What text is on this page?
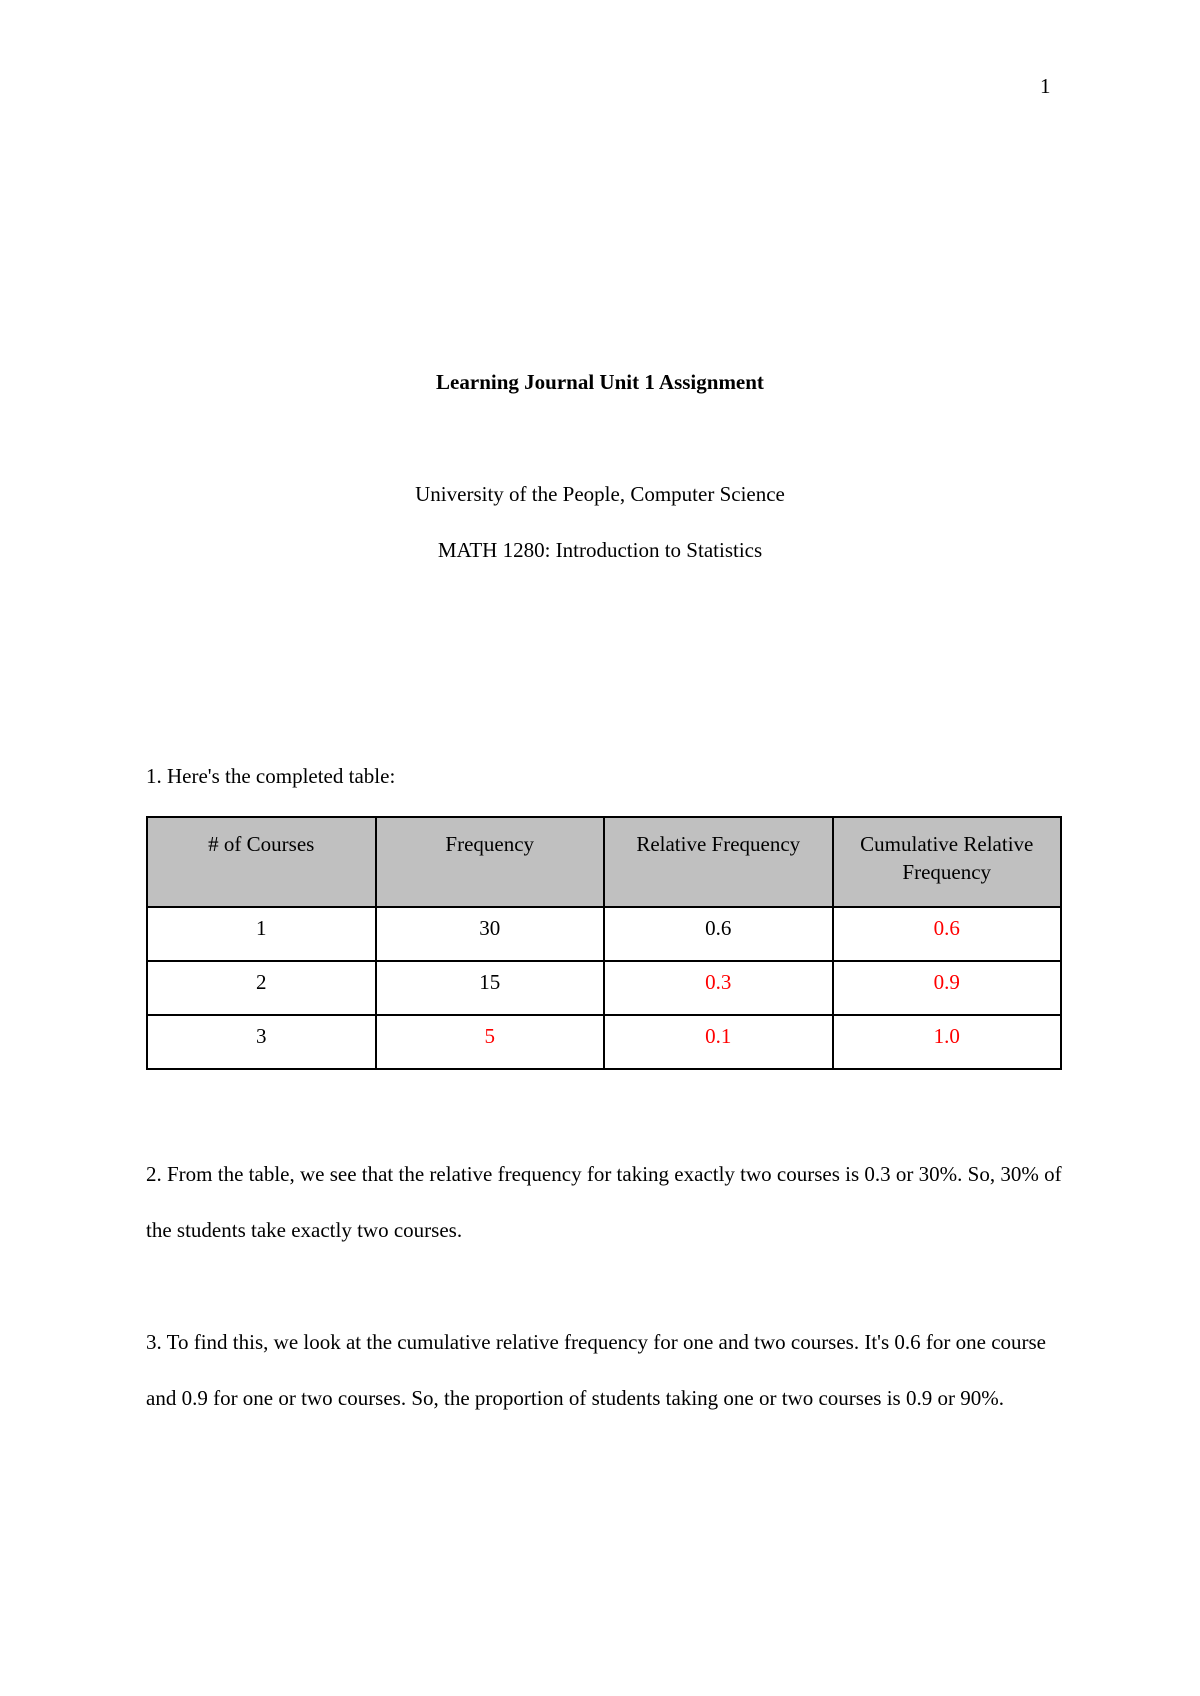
1
Learning Journal Unit 1 Assignment
University of the People, Computer Science
MATH 1280: Introduction to Statistics
1. Here's the completed table:
# of Courses	Frequency	Relative Frequency	Cumulative Relative Frequency
1	30	0.6	0.6
2	15	0.3	0.9
3	5	0.1	1.0
2. From the table, we see that the relative frequency for taking exactly two courses is 0.3 or 30%. So, 30% of the students take exactly two courses.
3. To find this, we look at the cumulative relative frequency for one and two courses. It's 0.6 for one course and 0.9 for one or two courses. So, the proportion of students taking one or two courses is 0.9 or 90%.
